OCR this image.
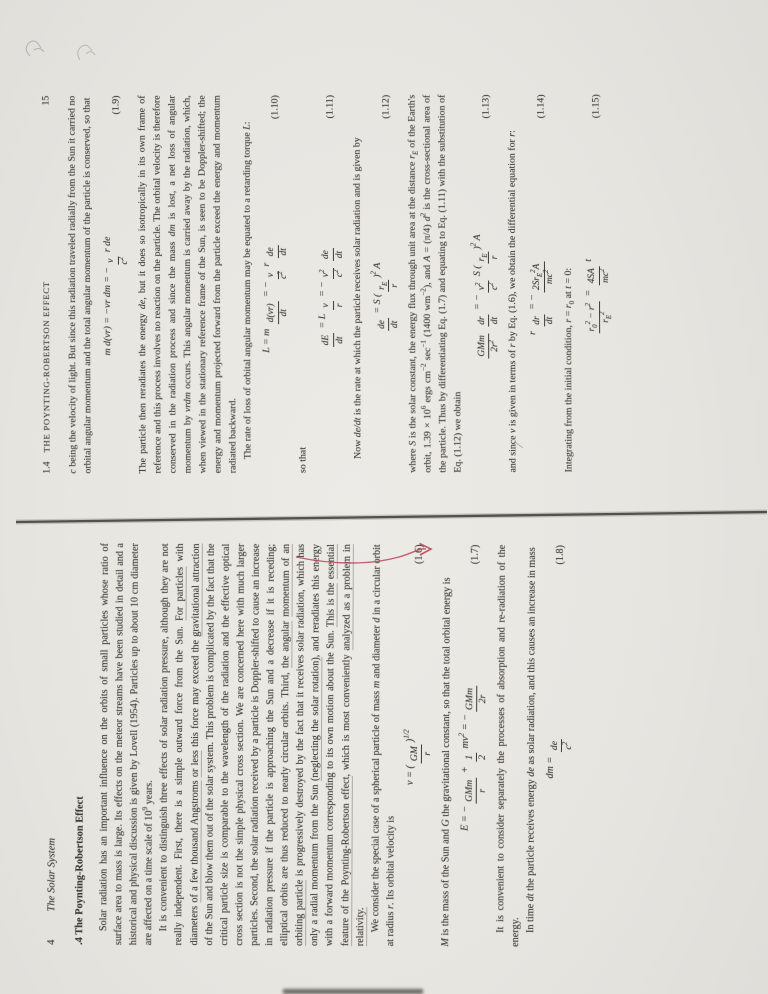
4
The Solar System .4 The Poynting-Robertson Effect	Solar radiation has an important influence on the orbits of small particles whose ratio of surface area to mass is large. Its effects on the meteor streams have been studied in detail and a historical and physical discussion is given by Lovell (1954). Particles up to about 10 cm diameter are affected on a time scale of $10^9$ years. It is convenient to distinguish three effects of solar radiation pressure, although they are not really independent. First, there is a simple outward force from the Sun. For particles with diameters of a few thousand Angstroms or less this force may exceed the gravitational attraction of the Sun and blow them out of the solar system. This problem is complicated by the fact that the critical particle size is comparable to the wavelength of the radiation and the effective optical cross section is not the simple physical cross section. We are concerned here with much larger particles. Second, the solar radiation received by a particle is Doppler-shifted to cause an increase in radiation pressure if the particle is approaching the Sun and a decrease if it is receding; elliptical orbits are thus reduced to nearly circular orbits. Third, the angular momentum of an orbiting particle is progressively destroyed by the fact that it receives solar radiation, which has only a radial momentum from the Sun (neglecting the solar rotation), and reradiates this energy with a forward momentum corresponding to its own motion about the Sun. This is the essential feature of the Poynting-Robertson effect, which is most conveniently analyzed as a problem in relativity. We consider the special case of a spherical particle of mass m and diameter d in a circular orbit at radius r. Its orbital velocity is

v = (
GM r
)$^{1/2}$
(1.6)

M is the mass of the Sun and G the gravitational constant, so that the total orbital energy is E = −
GMm r
+
1 2
$mv^2$ = −
GMm 2r
(1.7) It is convenient to consider separately the processes of absorption and re-radiation of the energy. In time dt the particle receives energy de as solar radiation, and this causes an increase in mass dm =
de $c^2$
(1.8)
1.4
THE POYNTING-ROBERTSON EFFECT
15

c being the velocity of light. But since this radiation traveled radially from the Sun it carried no orbital angular momentum and the total angular momentum of the particle is conserved, so that m d(vr) = −vr dm = −
v $c^2$
r de
(1.9)

The particle then reradiates the energy de, but it does so isotropically in its own frame of reference and this process involves no reaction on the particle. The orbital velocity is therefore conserved in the radiation process and since the mass dm is lost, a net loss of angular momentum by vrdm occurs. This angular momentum is carried away by the radiation, which, when viewed in the stationary reference frame of the Sun, is seen to be Doppler-shifted; the energy and momentum projected forward from the particle exceed the energy and momentum radiated backward. The rate of loss of orbital angular momentum may be equated to a retarding torque L:

L = m
d(vr) dt
= −
v $c^2$
r
de dt
(1.10)

so that

dE dt
= L
v r
= −
$v^2$
$c^2$

de dt
(1.11)

Now de/dt is the rate at which the particle receives solar radiation and is given by	de dt
= S (
$r_E$ r
)$^2$ A
(1.12)

where S is the solar constant, the energy flux through unit area at the distance $r_E$ of the Earth's orbit, $1.39 \times 10^6$ ergs $cm^{-2}$ $\sec^{-1} (1400$ $wm^{-2}$), and A = (π/4) $d^2$ is the cross-sectional area of the particle. Thus by differentiating Eq. (1.7) and equating to Eq. (1.11) with the substitution of Eq. (1.12) we obtain

GMm $2r^2$

dr dt
= −
$v^2$
$c^2$
S (
$r_E$ r
)$^2$ A
(1.13)

and since v is given in terms of r by Eq. (1.6), we obtain the differential equation for r:

r
dr dt
= −
$2Sr_E^2A$
$mc^2$
(1.14)

Integrating from the initial condition, $r = r_0$ at t = 0:

$r_0^2 - r^2$
$r_E^2$
=
4SA $mc^2$
t
(1.15)
